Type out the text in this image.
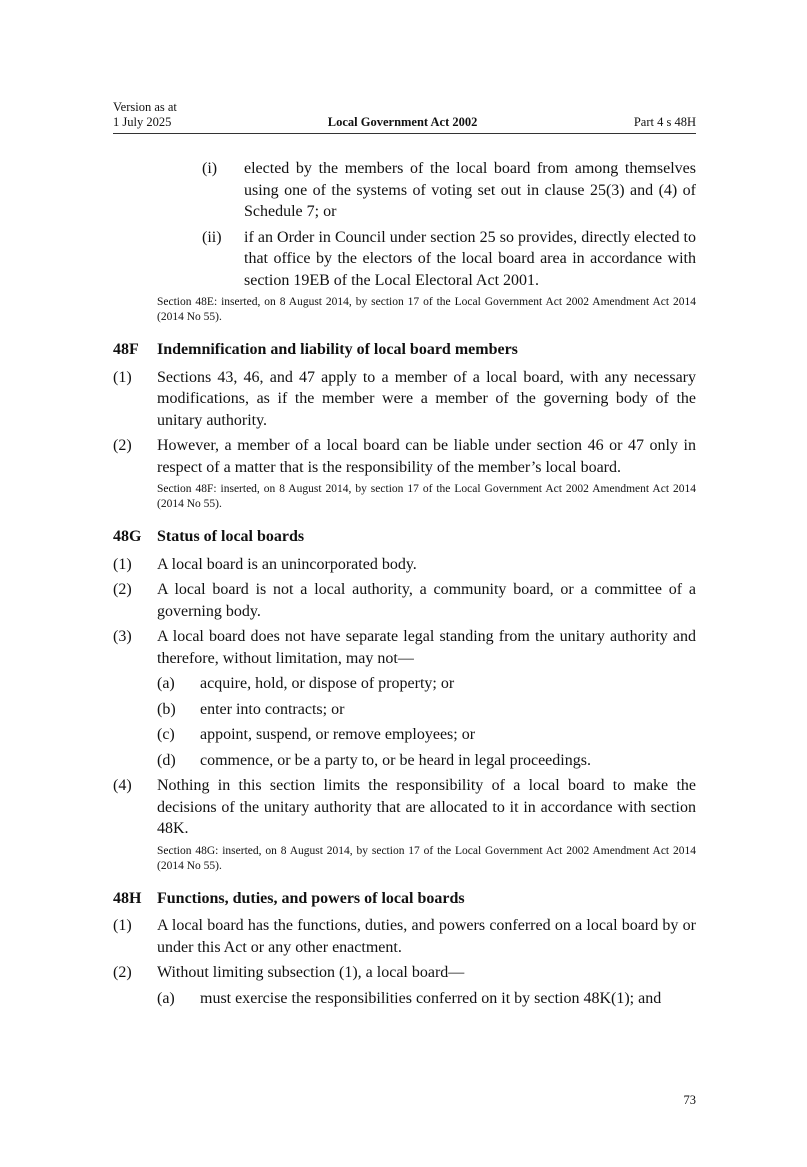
Version as at
1 July 2025	Local Government Act 2002	Part 4 s 48H
(i)	elected by the members of the local board from among themselves using one of the systems of voting set out in clause 25(3) and (4) of Schedule 7; or
(ii)	if an Order in Council under section 25 so provides, directly elected to that office by the electors of the local board area in accordance with section 19EB of the Local Electoral Act 2001.
Section 48E: inserted, on 8 August 2014, by section 17 of the Local Government Act 2002 Amendment Act 2014 (2014 No 55).
48F	Indemnification and liability of local board members
(1)	Sections 43, 46, and 47 apply to a member of a local board, with any necessary modifications, as if the member were a member of the governing body of the unitary authority.
(2)	However, a member of a local board can be liable under section 46 or 47 only in respect of a matter that is the responsibility of the member’s local board.
Section 48F: inserted, on 8 August 2014, by section 17 of the Local Government Act 2002 Amendment Act 2014 (2014 No 55).
48G Status of local boards
(1)	A local board is an unincorporated body.
(2)	A local board is not a local authority, a community board, or a committee of a governing body.
(3)	A local board does not have separate legal standing from the unitary authority and therefore, without limitation, may not—
(a)	acquire, hold, or dispose of property; or
(b)	enter into contracts; or
(c)	appoint, suspend, or remove employees; or
(d)	commence, or be a party to, or be heard in legal proceedings.
(4)	Nothing in this section limits the responsibility of a local board to make the decisions of the unitary authority that are allocated to it in accordance with section 48K.
Section 48G: inserted, on 8 August 2014, by section 17 of the Local Government Act 2002 Amendment Act 2014 (2014 No 55).
48H Functions, duties, and powers of local boards
(1)	A local board has the functions, duties, and powers conferred on a local board by or under this Act or any other enactment.
(2)	Without limiting subsection (1), a local board—
(a)	must exercise the responsibilities conferred on it by section 48K(1); and
73
